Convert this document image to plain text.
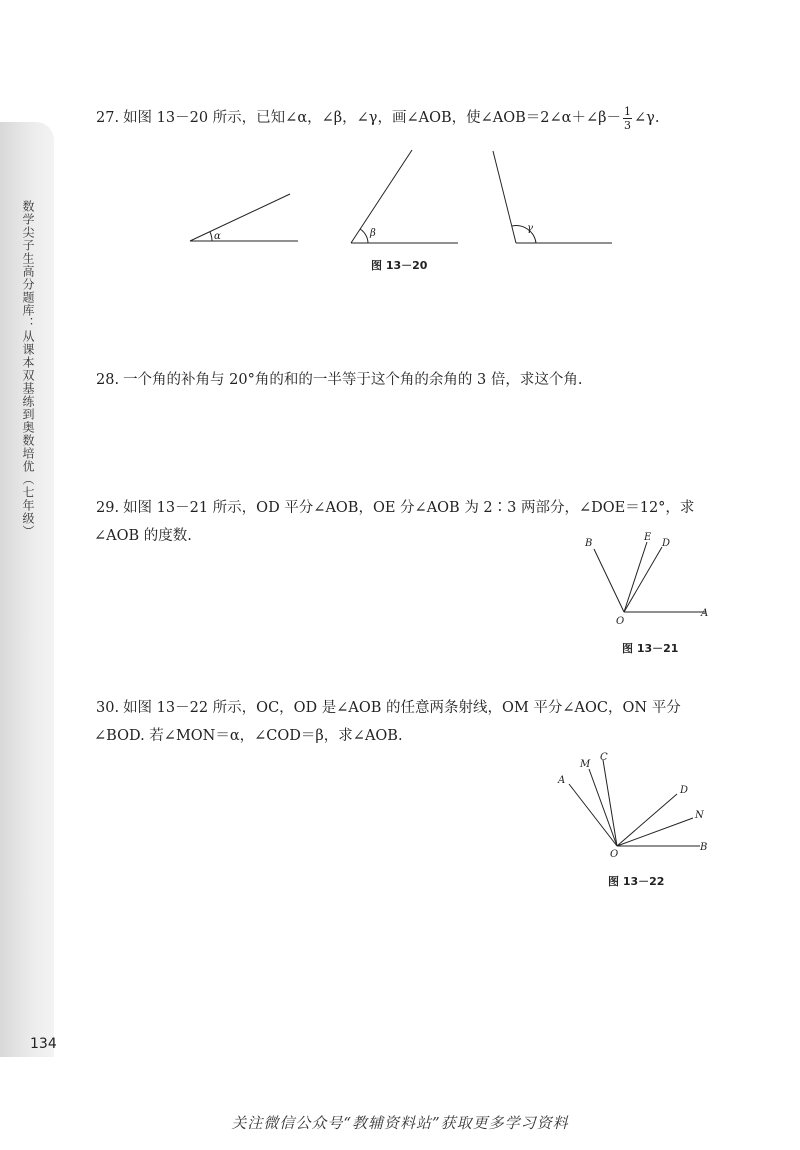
数学尖子生高分题库：从课本双基练到奥数培优（七年级）
27. 如图 13－20 所示，已知∠α，∠β，∠γ，画∠AOB，使∠AOB＝2∠α＋∠β－ $\frac{1}{3}$ ∠γ.
α	β	γ
图 13－20
28. 一个角的补角与 20°角的和的一半等于这个角的余角的 3 倍，求这个角.
29. 如图 13－21 所示，OD 平分∠AOB，OE 分∠AOB 为 2∶3 两部分，∠DOE＝12°，求
∠AOB 的度数.	B
E
D
O
A
图 13－21
30. 如图 13－22 所示，OC，OD 是∠AOB 的任意两条射线，OM 平分∠AOC，ON 平分
∠BOD. 若∠MON＝α，∠COD＝β，求∠AOB.
A
M
C
D
N
O
B
图 13－22
134
关注微信公众号“教辅资料站”获取更多学习资料
